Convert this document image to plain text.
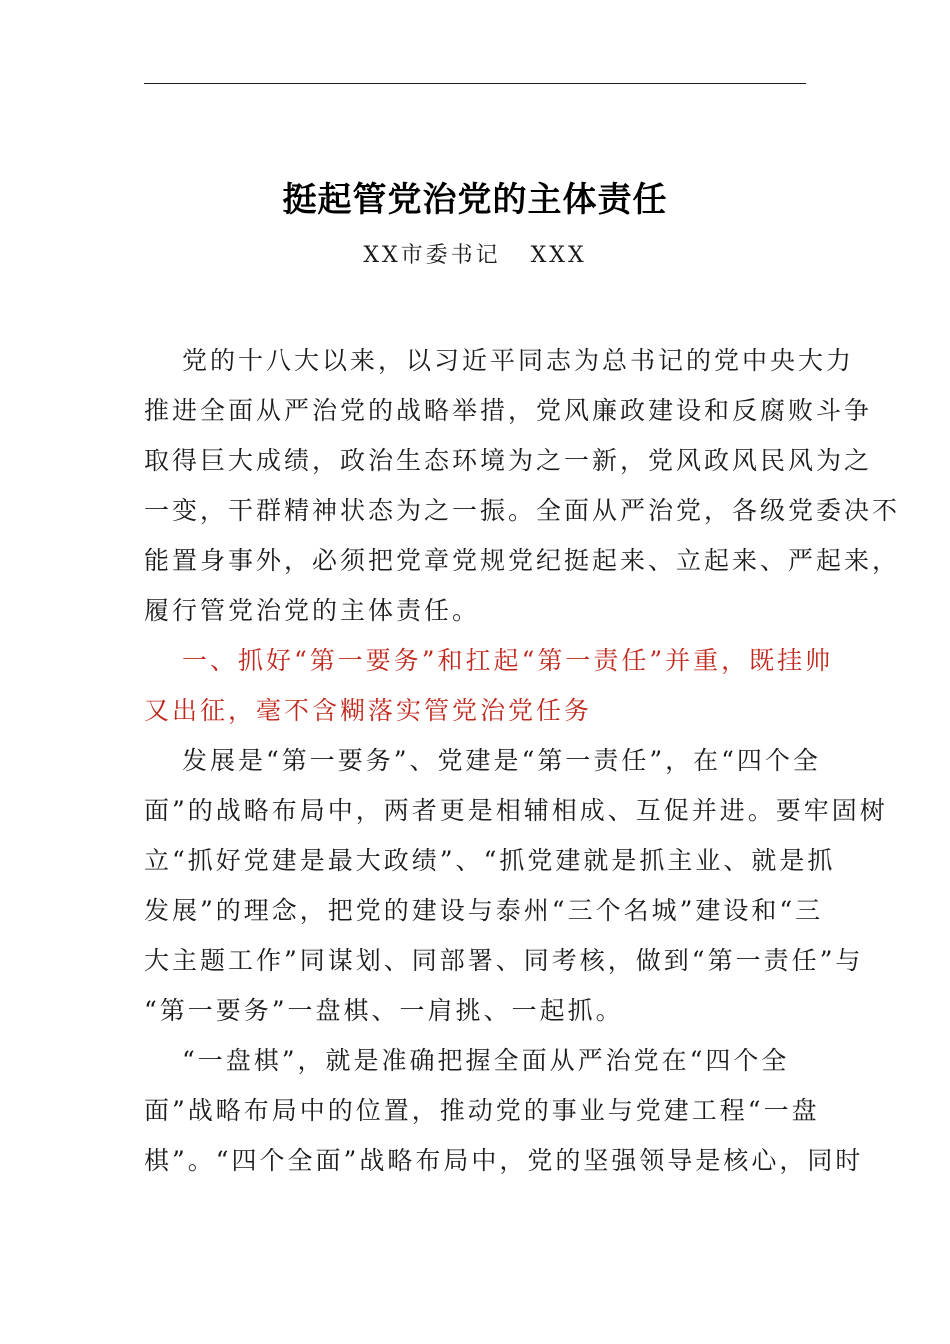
挺起管党治党的主体责任
XX市委书记   XXX
党的十八大以来，以习近平同志为总书记的党中央大力
推进全面从严治党的战略举措，党风廉政建设和反腐败斗争
取得巨大成绩，政治生态环境为之一新，党风政风民风为之
一变，干群精神状态为之一振。全面从严治党，各级党委决不
能置身事外，必须把党章党规党纪挺起来、立起来、严起来，
履行管党治党的主体责任。
一、抓好“第一要务”和扛起“第一责任”并重，既挂帅
又出征，毫不含糊落实管党治党任务
发展是“第一要务”、党建是“第一责任”，在“四个全
面”的战略布局中，两者更是相辅相成、互促并进。要牢固树
立“抓好党建是最大政绩”、“抓党建就是抓主业、就是抓
发展”的理念，把党的建设与泰州“三个名城”建设和“三
大主题工作”同谋划、同部署、同考核，做到“第一责任”与
“第一要务”一盘棋、一肩挑、一起抓。
“一盘棋”，就是准确把握全面从严治党在“四个全
面”战略布局中的位置，推动党的事业与党建工程“一盘
棋”。“四个全面”战略布局中，党的坚强领导是核心，同时
